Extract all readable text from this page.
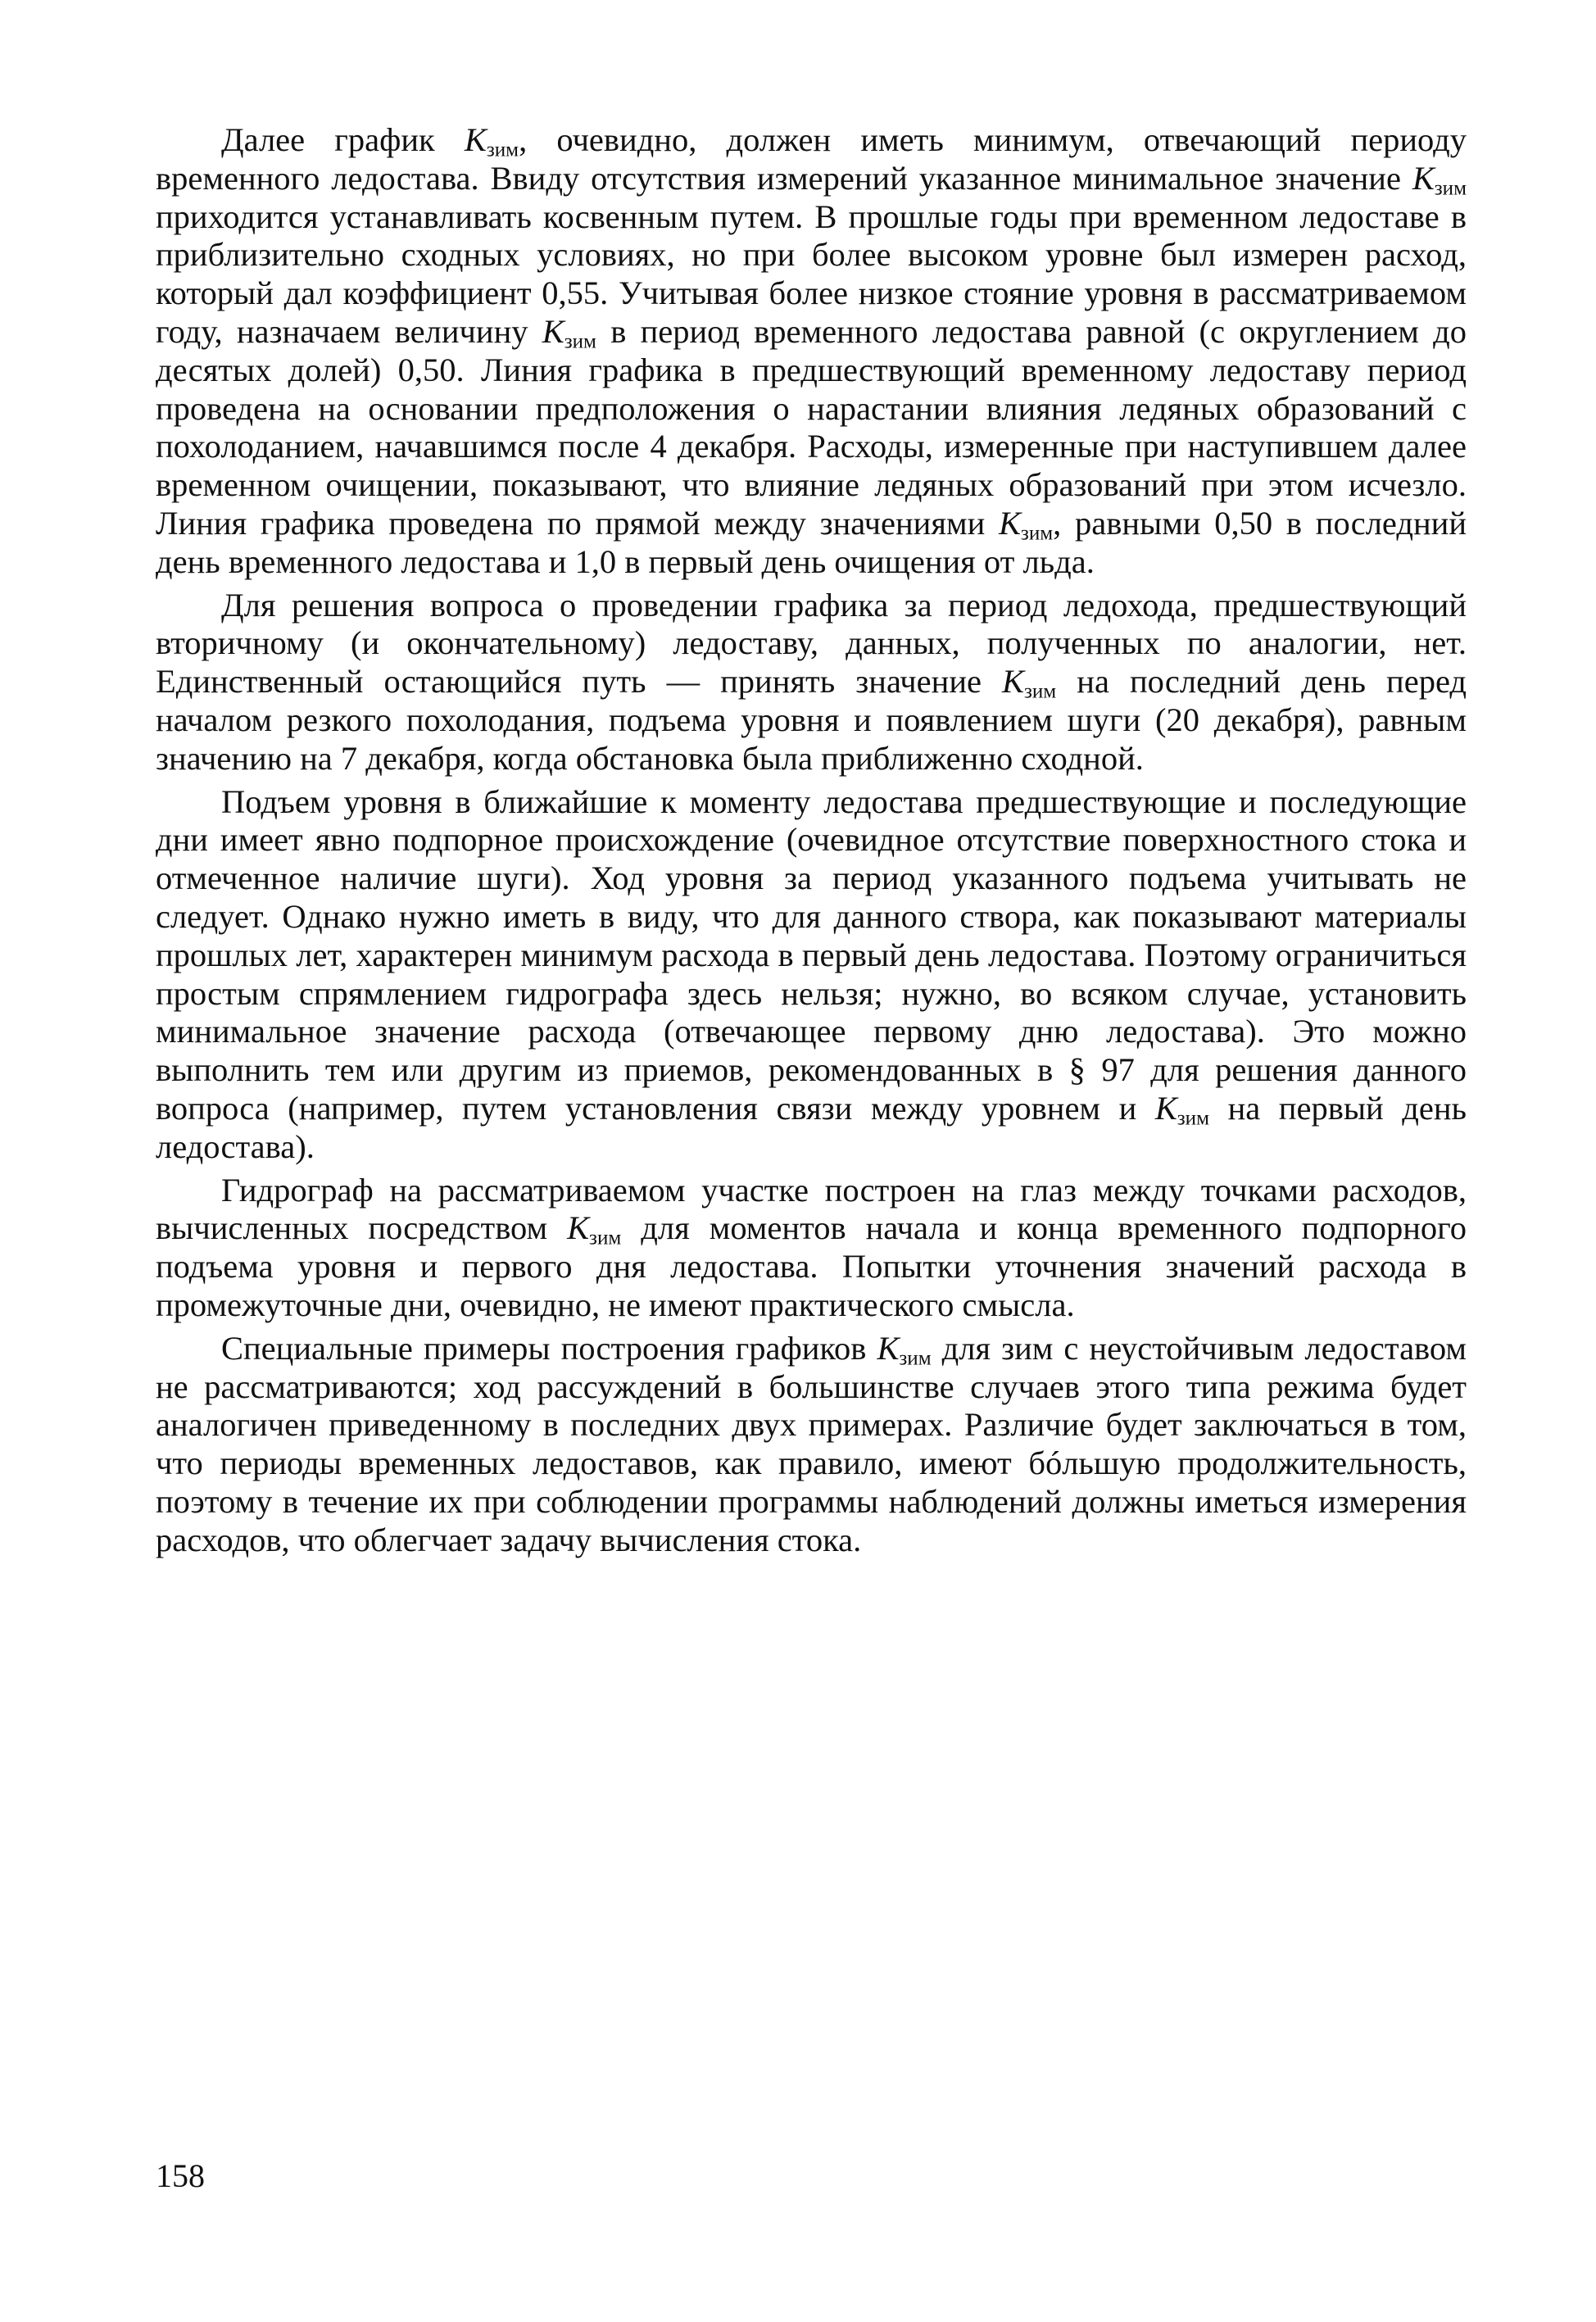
Далее график $К_{зим}$, очевидно, должен иметь минимум, отвечающий периоду временного ледостава. Ввиду отсутствия измерений указанное минимальное значение $К_{зим}$ приходится устанавливать косвенным путем. В прошлые годы при временном ледоставе в приблизительно сходных условиях, но при более высоком уровне был измерен расход, который дал коэффициент 0,55. Учитывая более низкое стояние уровня в рассматриваемом году, назначаем величину $К_{зим}$ в период временного ледостава равной (с округлением до десятых долей) 0,50. Линия графика в предшествующий временному ледоставу период проведена на основании предположения о нарастании влияния ледяных образований с похолоданием, начавшимся после 4 декабря. Расходы, измеренные при наступившем далее временном очищении, показывают, что влияние ледяных образований при этом исчезло. Линия графика проведена по прямой между значениями $К_{зим}$, равными 0,50 в последний день временного ледостава и 1,0 в первый день очищения от льда.

Для решения вопроса о проведении графика за период ледохода, предшествующий вторичному (и окончательному) ледоставу, данных, полученных по аналогии, нет. Единственный остающийся путь — принять значение $К_{зим}$ на последний день перед началом резкого похолодания, подъема уровня и появлением шуги (20 декабря), равным значению на 7 декабря, когда обстановка была приближенно сходной.

Подъем уровня в ближайшие к моменту ледостава предшествующие и последующие дни имеет явно подпорное происхождение (очевидное отсутствие поверхностного стока и отмеченное наличие шуги). Ход уровня за период указанного подъема учитывать не следует. Однако нужно иметь в виду, что для данного створа, как показывают материалы прошлых лет, характерен минимум расхода в первый день ледостава. Поэтому ограничиться простым спрямлением гидрографа здесь нельзя; нужно, во всяком случае, установить минимальное значение расхода (отвечающее первому дню ледостава). Это можно выполнить тем или другим из приемов, рекомендованных в § 97 для решения данного вопроса (например, путем установления связи между уровнем и $К_{зим}$ на первый день ледостава).

Гидрограф на рассматриваемом участке построен на глаз между точками расходов, вычисленных посредством $К_{зим}$ для моментов начала и конца временного подпорного подъема уровня и первого дня ледостава. Попытки уточнения значений расхода в промежуточные дни, очевидно, не имеют практического смысла.

Специальные примеры построения графиков $К_{зим}$ для зим с неустойчивым ледоставом не рассматриваются; ход рассуждений в большинстве случаев этого типа режима будет аналогичен приведенному в последних двух примерах. Различие будет заключаться в том, что периоды временных ледоставов, как правило, имеют бóльшую продолжительность, поэтому в течение их при соблюдении программы наблюдений должны иметься измерения расходов, что облегчает задачу вычисления стока.

158
